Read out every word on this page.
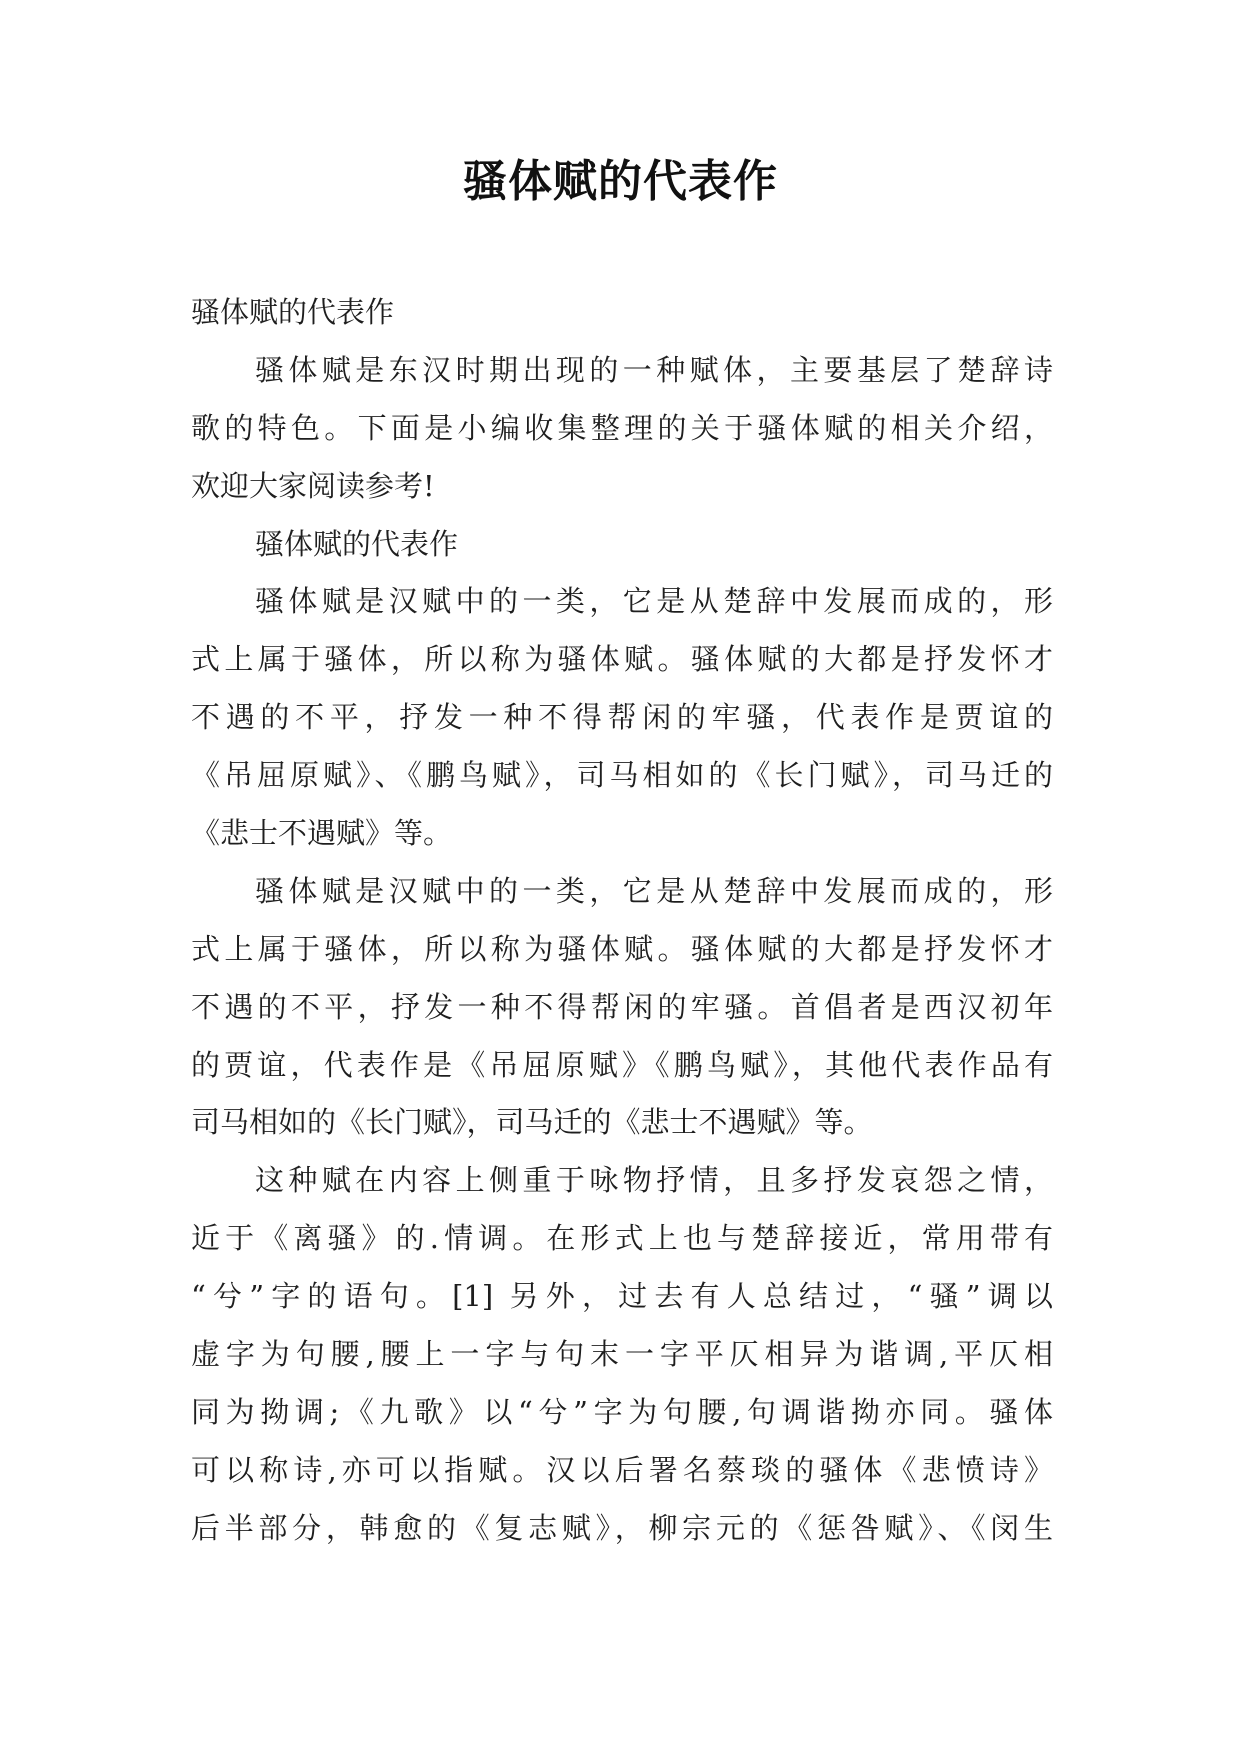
骚体赋的代表作
骚体赋的代表作
骚体赋是东汉时期出现的一种赋体，主要基层了楚辞诗
歌的特色。下面是小编收集整理的关于骚体赋的相关介绍，
欢迎大家阅读参考!
骚体赋的代表作
骚体赋是汉赋中的一类，它是从楚辞中发展而成的，形
式上属于骚体，所以称为骚体赋。骚体赋的大都是抒发怀才
不遇的不平，抒发一种不得帮闲的牢骚，代表作是贾谊的
《吊屈原赋》、《鹏鸟赋》，司马相如的《长门赋》，司马迁的
《悲士不遇赋》等。
骚体赋是汉赋中的一类，它是从楚辞中发展而成的，形
式上属于骚体，所以称为骚体赋。骚体赋的大都是抒发怀才
不遇的不平，抒发一种不得帮闲的牢骚。首倡者是西汉初年
的贾谊，代表作是《吊屈原赋》《鹏鸟赋》，其他代表作品有
司马相如的《长门赋》，司马迁的《悲士不遇赋》等。
这种赋在内容上侧重于咏物抒情，且多抒发哀怨之情，
近于《离骚》的.情调。在形式上也与楚辞接近，常用带有
“兮”字的语句。[1] 另外，过去有人总结过，“骚”调以
虚字为句腰,腰上一字与句末一字平仄相异为谐调,平仄相
同为拗调;《九歌》以“兮”字为句腰,句调谐拗亦同。骚体
可以称诗,亦可以指赋。汉以后署名蔡琰的骚体《悲愤诗》
后半部分，韩愈的《复志赋》，柳宗元的《惩咎赋》、《闵生
